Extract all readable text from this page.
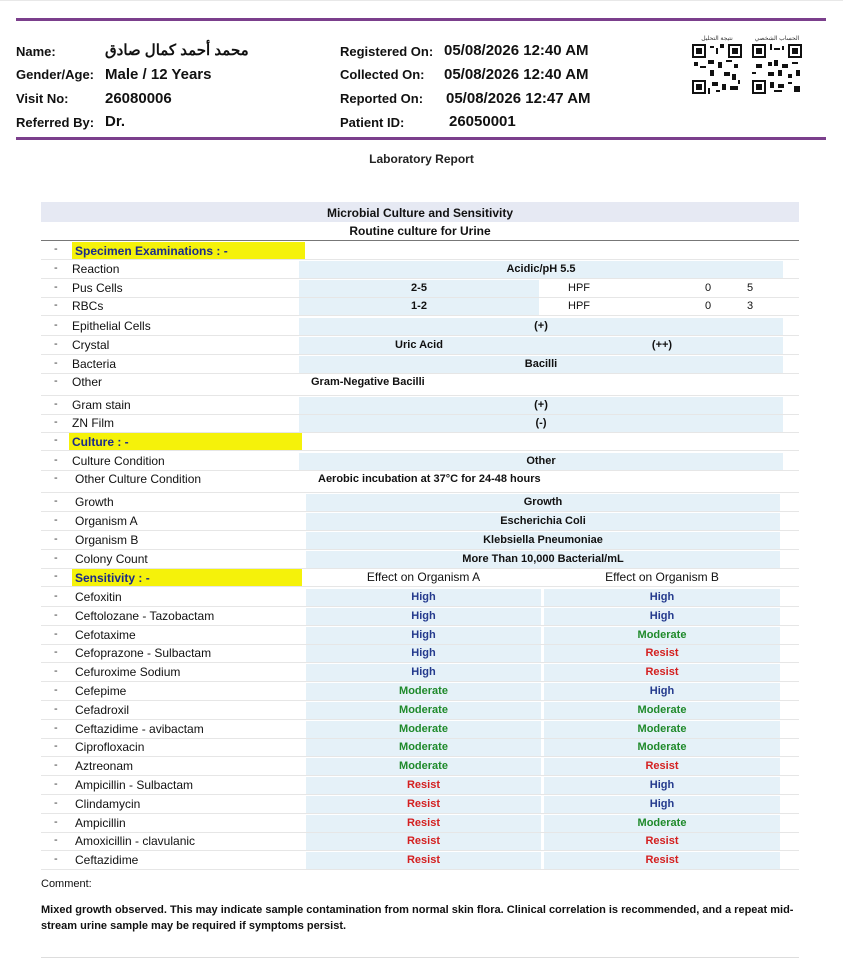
Name:	محمد أحمد كمال صادق
Gender/Age: Male / 12 Years
Visit No: 26080006
Referred By: Dr.
Registered On: 05/08/2026 12:40 AM
Collected On: 05/08/2026 12:40 AM
Reported On: 05/08/2026 12:47 AM
Patient ID:	26050001
نتيجة التحليل	الحساب الشخصي
Laboratory Report
Microbial Culture and Sensitivity
Routine culture for Urine
- Specimen Examinations : -
- Reaction	Acidic/pH 5.5
- Pus Cells	2-5	HPF	0	5
- RBCs	1-2	HPF	0	3
- Epithelial Cells	(+)
- Crystal	Uric Acid	(++)
- Bacteria	Bacilli
- Other	Gram-Negative Bacilli
- Gram stain	(+)
- ZN Film	(-)
- Culture : -
- Culture Condition	Other
- Other Culture Condition	Aerobic incubation at 37°C for 24-48 hours
- Growth	Growth
- Organism A	Escherichia Coli
- Organism B	Klebsiella Pneumoniae
- Colony Count	More Than 10,000 Bacterial/mL
- Sensitivity : -	Effect on Organism A	Effect on Organism B
- Cefoxitin	High	High
- Ceftolozane - Tazobactam	High	High
- Cefotaxime	High	Moderate
- Cefoprazone - Sulbactam	High	Resist
- Cefuroxime Sodium	High	Resist
- Cefepime	Moderate	High
- Cefadroxil	Moderate	Moderate
- Ceftazidime - avibactam	Moderate	Moderate
- Ciprofloxacin	Moderate	Moderate
- Aztreonam	Moderate	Resist
- Ampicillin - Sulbactam	Resist	High
- Clindamycin	Resist	High
- Ampicillin	Resist	Moderate
- Amoxicillin - clavulanic	Resist	Resist
- Ceftazidime	Resist	Resist
Comment:
Mixed growth observed. This may indicate sample contamination from normal skin flora. Clinical correlation is recommended, and a repeat mid-stream urine sample may be required if symptoms persist.
